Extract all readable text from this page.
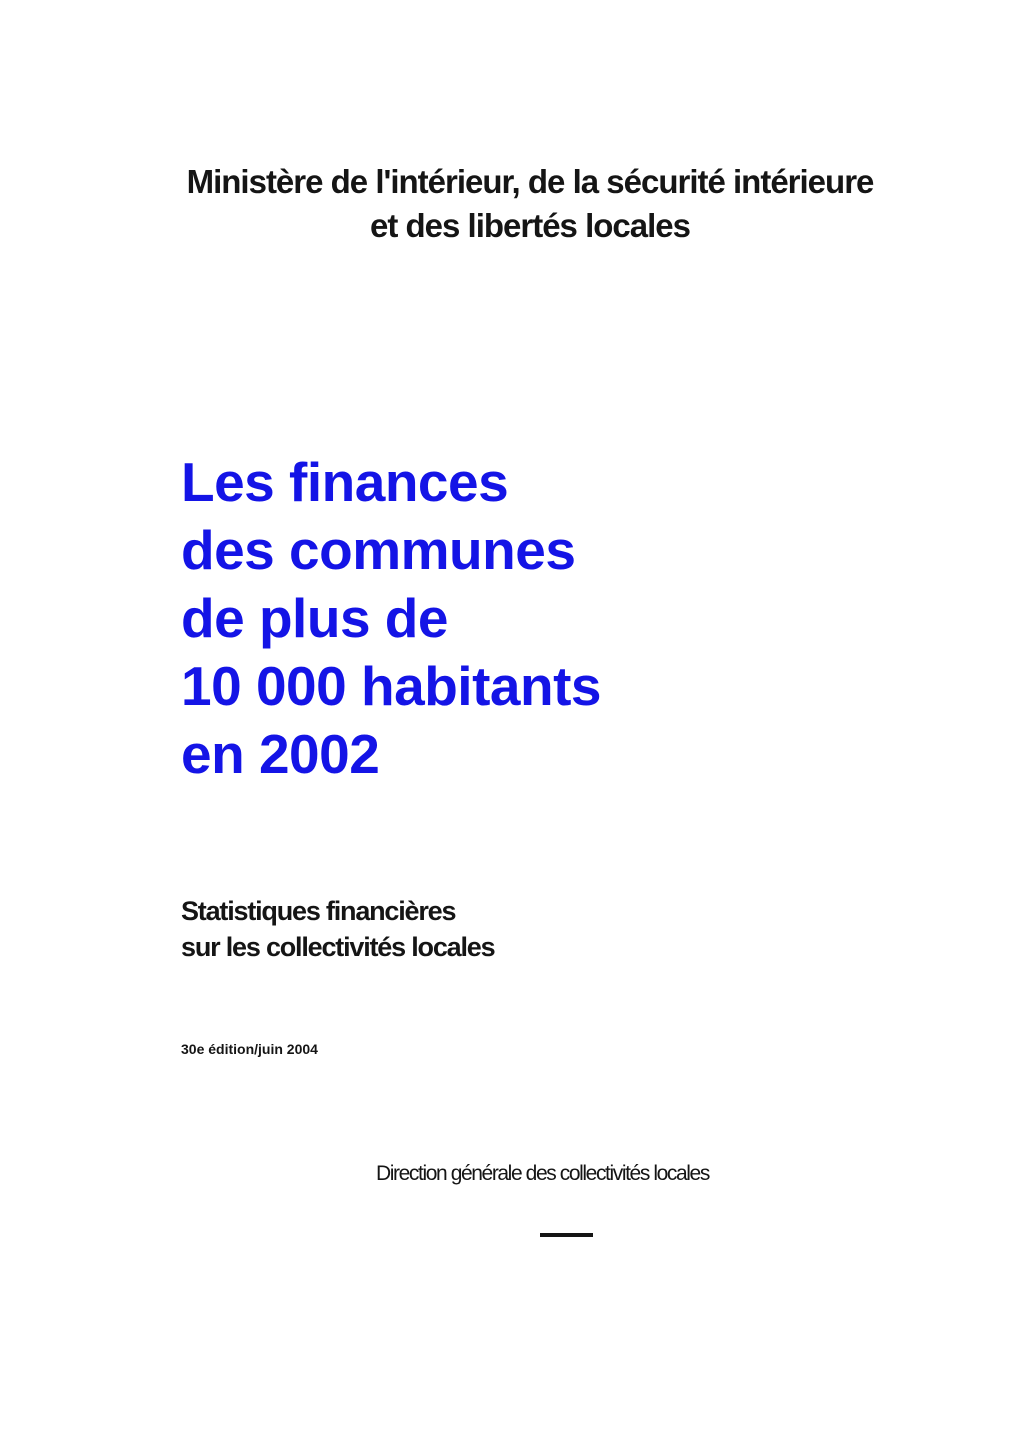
Ministère de l'intérieur, de la sécurité intérieure
et des libertés locales
Les finances
des communes
de plus de
10 000 habitants
en 2002
Statistiques financières
sur les collectivités locales
30e édition/juin 2004
Direction générale des collectivités locales
